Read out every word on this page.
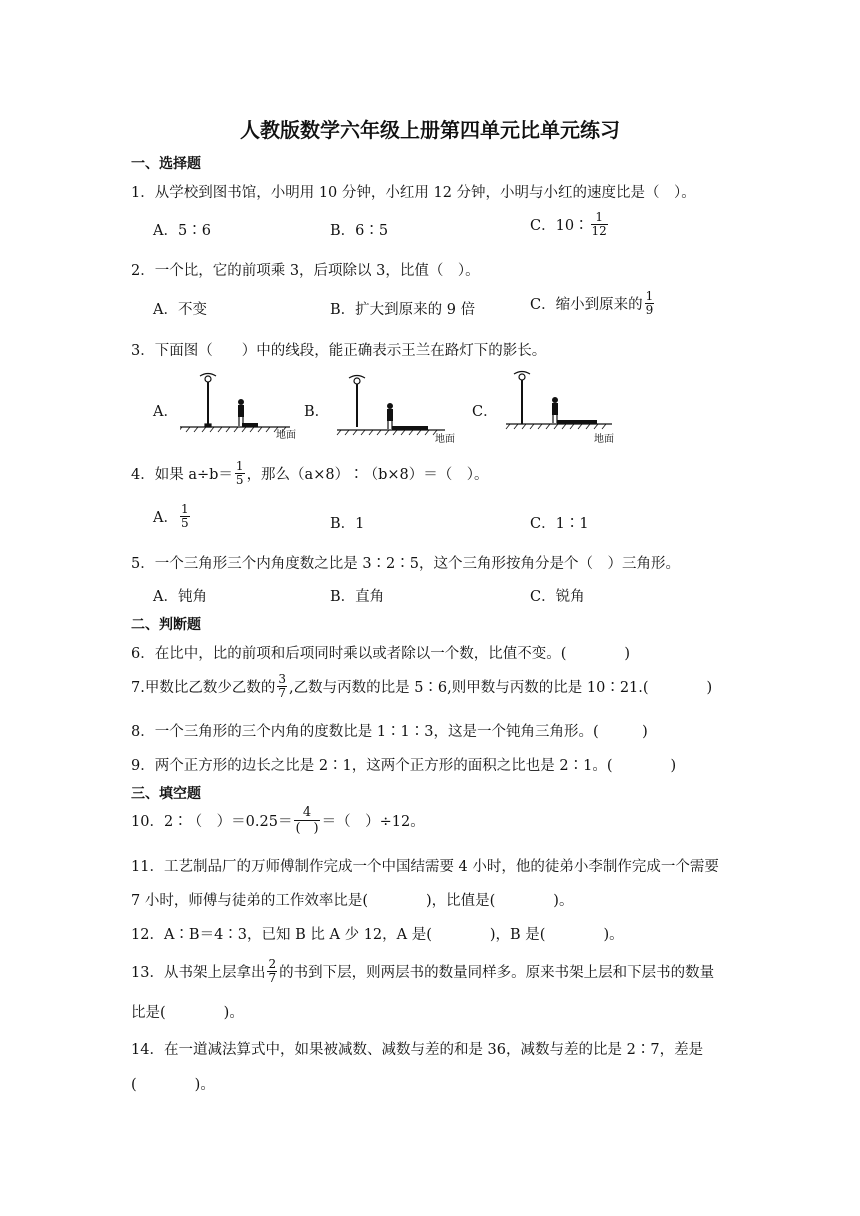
人教版数学六年级上册第四单元比单元练习
一、选择题
1．从学校到图书馆，小明用 10 分钟，小红用 12 分钟，小明与小红的速度比是（　）。
A．5∶6	B．6∶5	C．10∶ $\frac{1}{12}$
2．一个比，它的前项乘 3，后项除以 3，比值（　）。
A．不变	B．扩大到原来的 9 倍	C．缩小到原来的 $\frac{1}{9}$
3．下面图（　　）中的线段，能正确表示王兰在路灯下的影长。
A．	B．	C．
地面	地面	地面
4．如果 $a\div b= \frac{1}{5}$ ，那么（a×8）∶（b×8）＝（　）。
A． $\frac{1}{5}$	B．1	C．1∶1
5．一个三角形三个内角度数之比是 3∶2∶5，这个三角形按角分是个（　）三角形。
A．钝角	B．直角	C．锐角
二、判断题
6．在比中，比的前项和后项同时乘以或者除以一个数，比值不变。(　　　　)
7.甲数比乙数少乙数的 $\frac{3}{7}$ ,乙数与丙数的比是 5∶6,则甲数与丙数的比是 10∶21.(　　　　)
8．一个三角形的三个内角的度数比是 1∶1∶3，这是一个钝角三角形。(　　　)
9．两个正方形的边长之比是 2∶1，这两个正方形的面积之比也是 2∶1。(　　　　)
三、填空题
10．2∶（　）$=0.25= \frac{4}{( )}$ ＝（　）÷12。
11．工艺制品厂的万师傅制作完成一个中国结需要 4 小时，他的徒弟小李制作完成一个需要
7 小时，师傅与徒弟的工作效率比是(　　　　)，比值是(　　　　)。
12．A∶B＝4∶3，已知 B 比 A 少 12，A 是(　　　　)，B 是(　　　　)。
13．从书架上层拿出 $\frac{2}{7}$ 的书到下层，则两层书的数量同样多。原来书架上层和下层书的数量
比是(　　　　)。
14．在一道减法算式中，如果被减数、减数与差的和是 36，减数与差的比是 2∶7，差是
(　　　　)。
